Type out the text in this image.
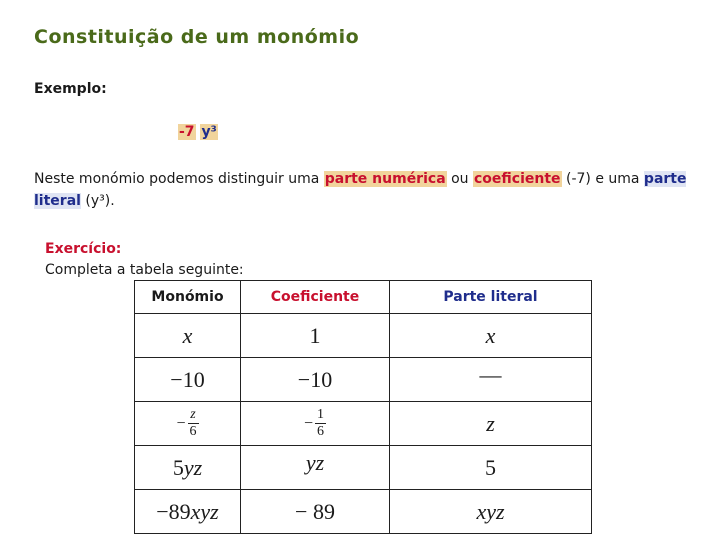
Constituição de um monómio
Exemplo:
-7 y³
Neste monómio podemos distinguir uma parte numérica ou coeficiente (-7) e uma parte literal (y³).
Exercício:
Completa a tabela seguinte:
Monómio	Coeficiente	Parte literal
x	1	x
−10	−10	—
− $\frac{z}{6}$	− $\frac{1}{6}$	z
5yz	yz	5
−89xyz	− 89	xyz
